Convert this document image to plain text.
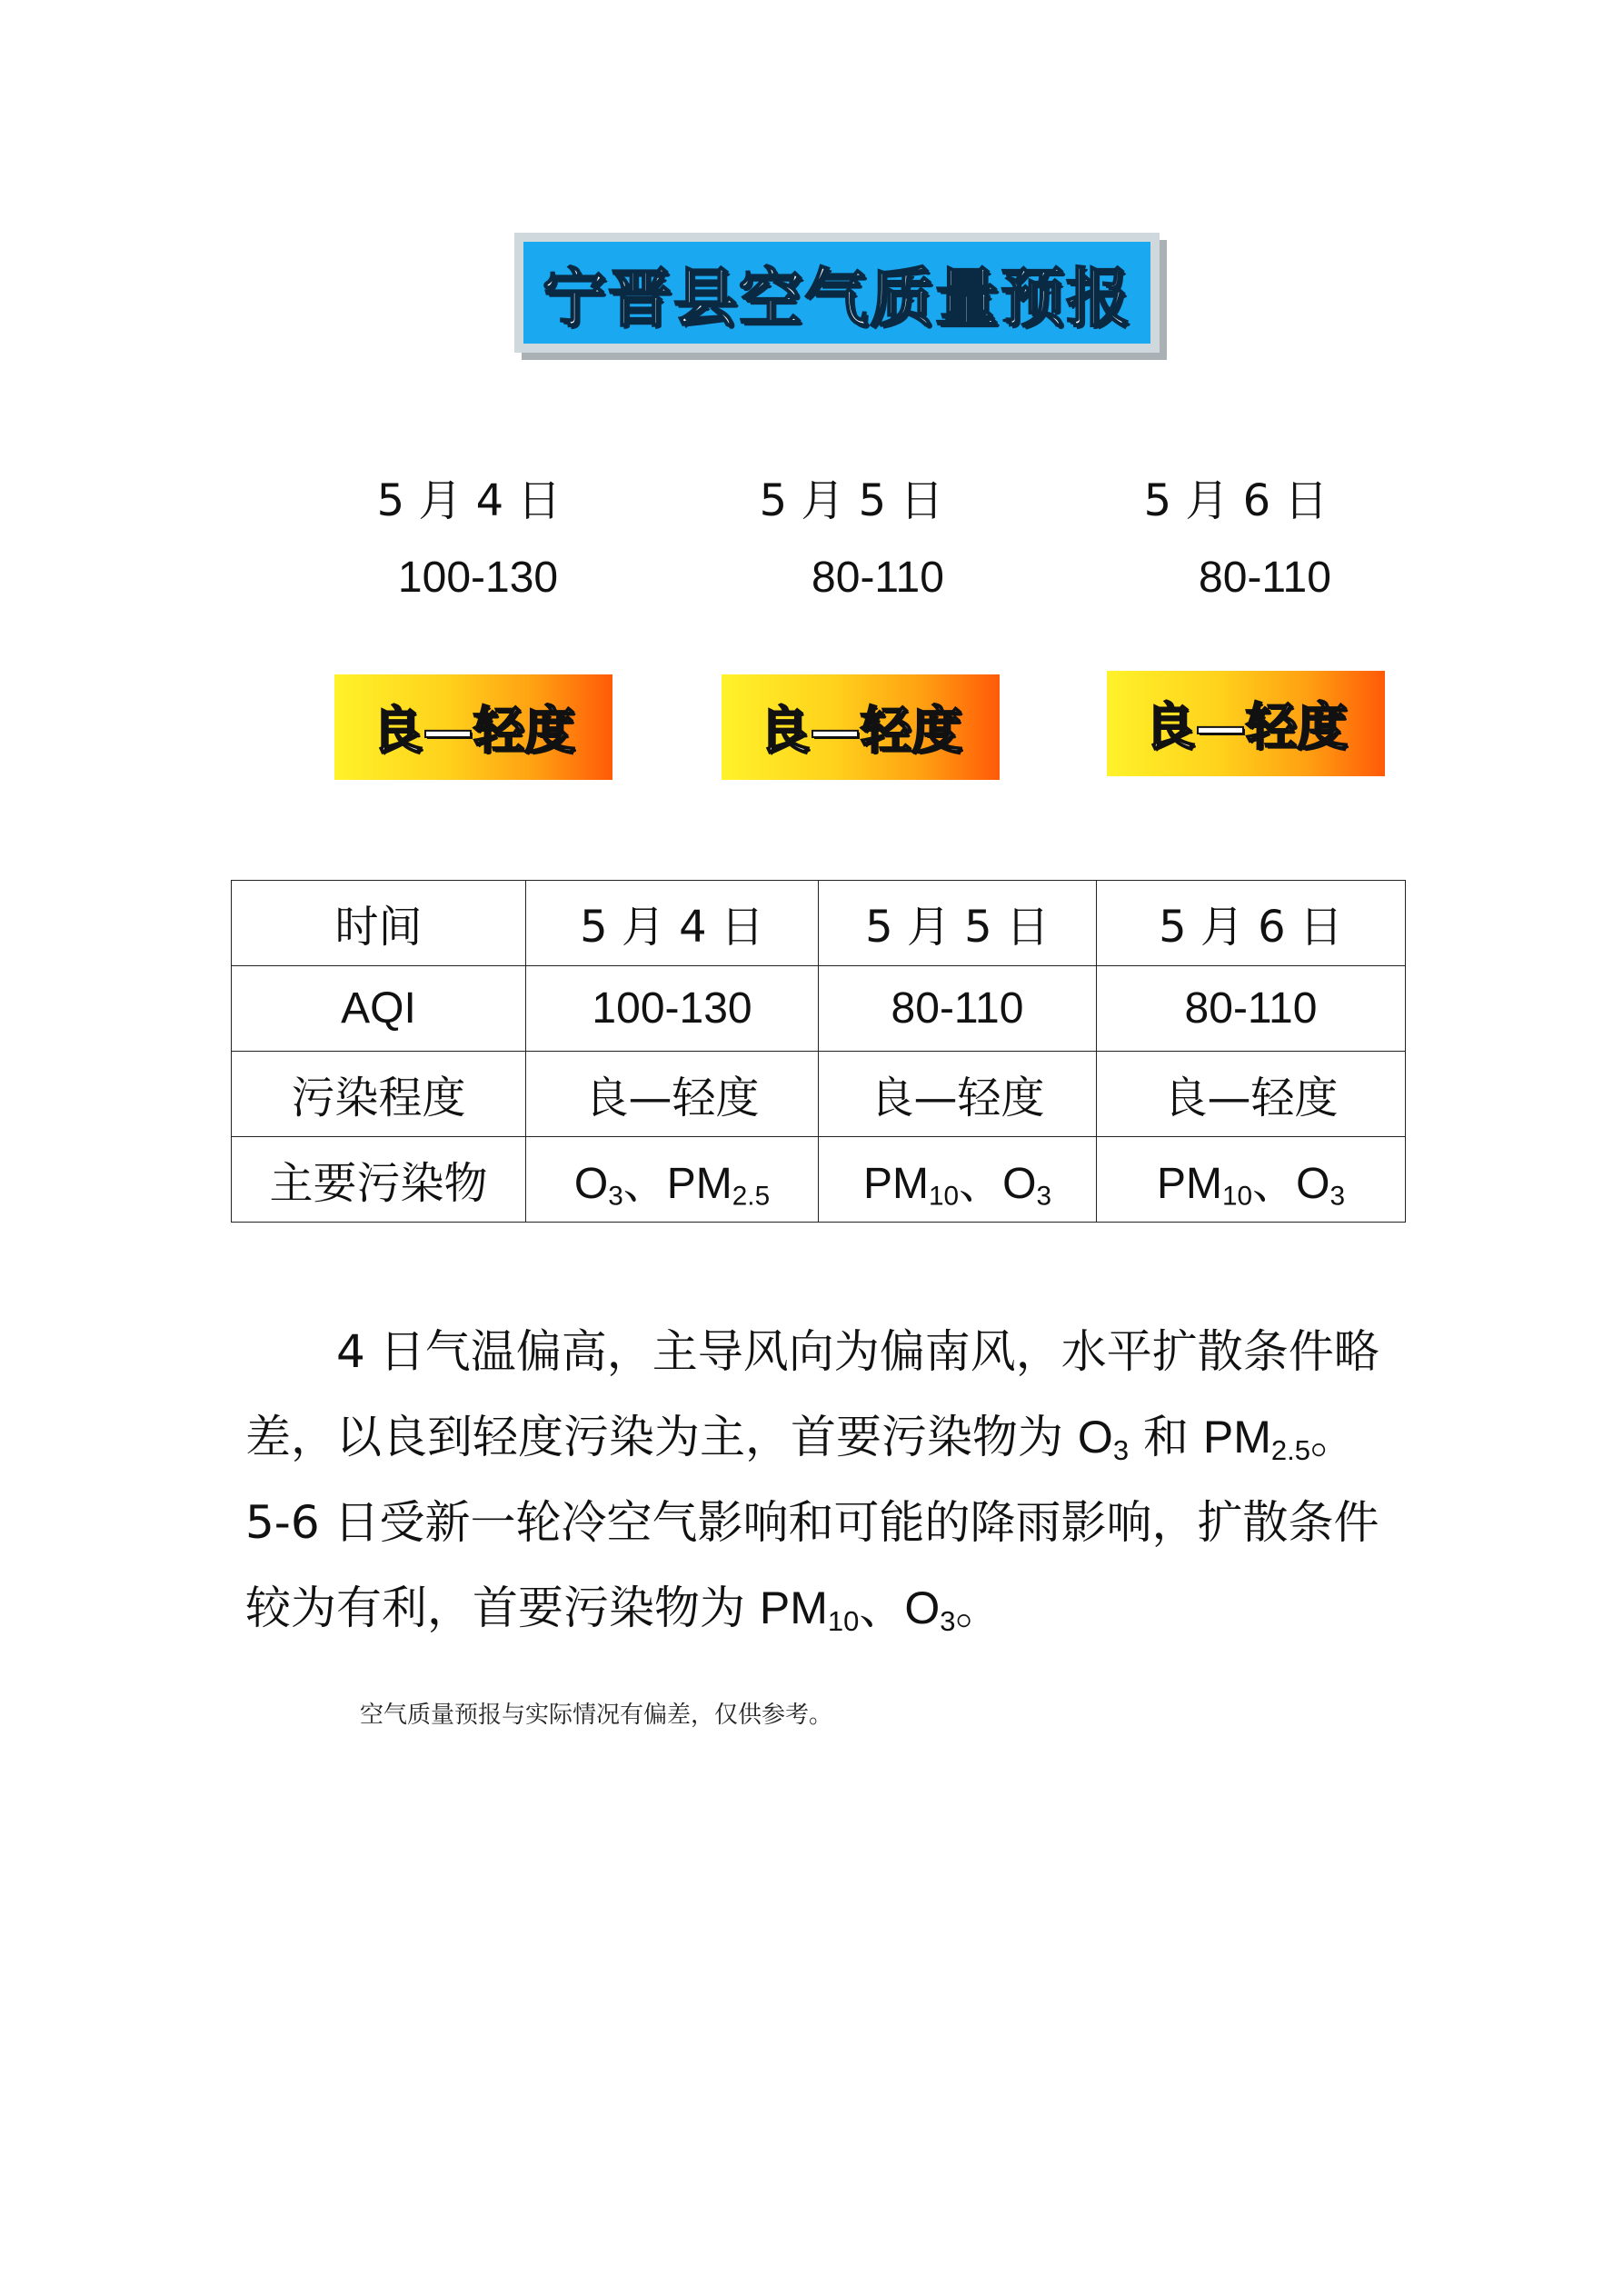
宁晋县空气质量预报
5 月 4 日
100-130
良—轻度
5 月 5 日
80-110
良—轻度
5 月 6 日
80-110
良—轻度
时间	5 月 4 日	5 月 5 日	5 月 6 日
AQI	100-130	80-110	80-110
污染程度	良—轻度	良—轻度	良—轻度
主要污染物	$O_3$、$PM_{2.5}$	$PM_{10}$、$O_3$	$PM_{10}$、$O_3$

4 日气温偏高，主导风向为偏南风，水平扩散条件略差，以良到轻度污染为主，首要污染物为 $O_3$ 和 $PM_{2.5}$。5-6 日受新一轮冷空气影响和可能的降雨影响，扩散条件较为有利，首要污染物为 $PM_{10}$、$O_3$。

空气质量预报与实际情况有偏差，仅供参考。
